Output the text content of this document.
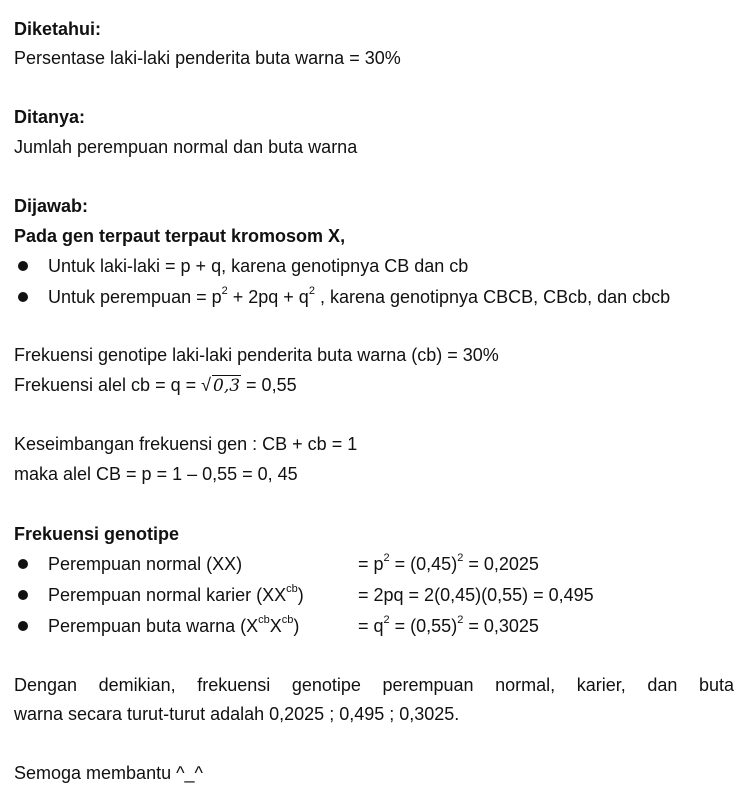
Diketahui:
Persentase laki-laki penderita buta warna = 30%
Ditanya:
Jumlah perempuan normal dan buta warna
Dijawab:
Pada gen terpaut terpaut kromosom X,
Untuk laki-laki = p + q, karena genotipnya CB dan cb
Untuk perempuan = $p^2 + 2pq + q^2$ , karena genotipnya CBCB, CBcb, dan cbcb
Frekuensi genotipe laki-laki penderita buta warna (cb) = 30%
Frekuensi alel cb = q = √ 0,3 = 0,55
Keseimbangan frekuensi gen : CB + cb = 1
maka alel CB = p = 1 – 0,55 = 0, 45
Frekuensi genotipe
Perempuan normal (XX)	= $p^2 = (0,45)^2 = 0,2025$
Perempuan normal karier $(XX^{cb})$	= 2pq = 2(0,45)(0,55) = 0,495
Perempuan buta warna $(X^{cb}X^{cb})$	= $q^2 = (0,55)^2 = 0,3025$
Dengan demikian, frekuensi genotipe perempuan normal, karier, dan buta
warna secara turut-turut adalah 0,2025 ; 0,495 ; 0,3025.
Semoga membantu ^_^
